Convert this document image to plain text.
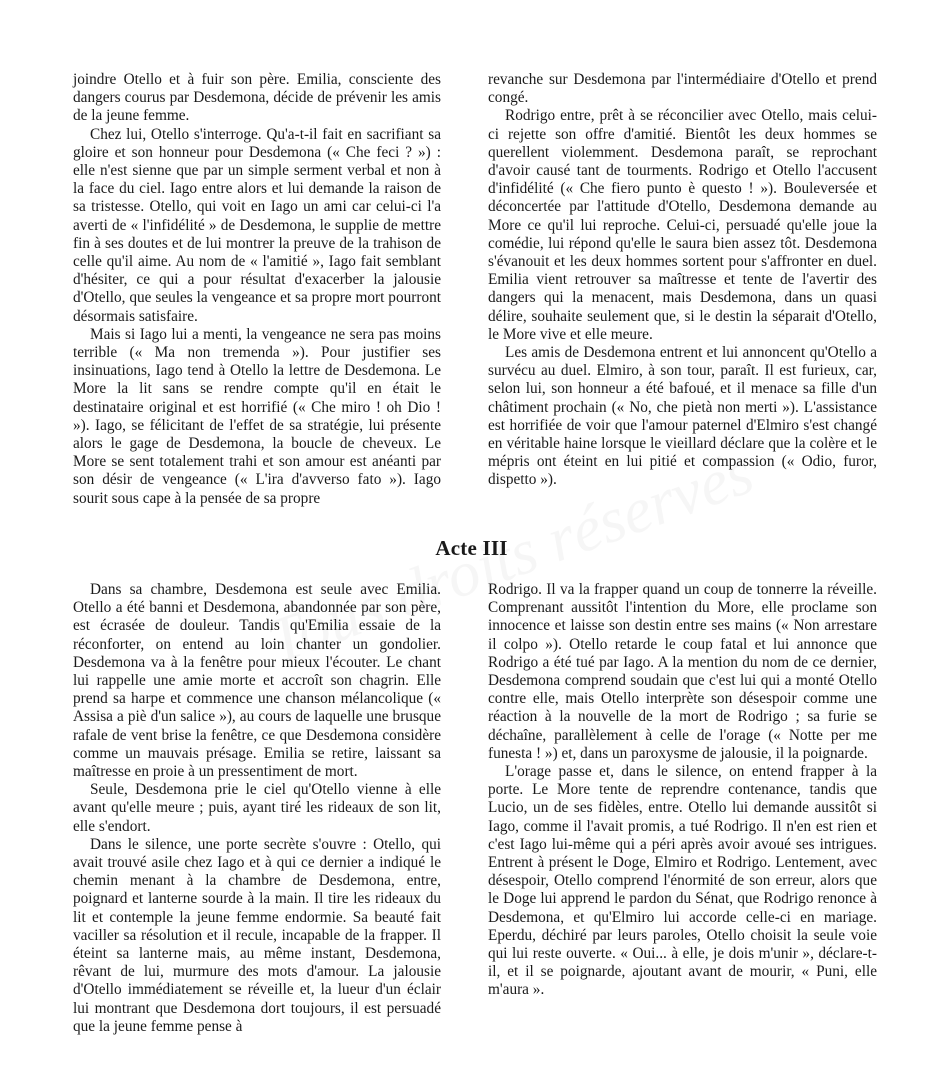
joindre Otello et à fuir son père. Emilia, consciente des dangers courus par Desdemona, décide de prévenir les amis de la jeune femme.

Chez lui, Otello s'interroge. Qu'a-t-il fait en sacrifiant sa gloire et son honneur pour Desdemona (« Che feci ? ») : elle n'est sienne que par un simple serment verbal et non à la face du ciel. Iago entre alors et lui demande la raison de sa tristesse. Otello, qui voit en Iago un ami car celui-ci l'a averti de « l'infidélité » de Desdemona, le supplie de mettre fin à ses doutes et de lui montrer la preuve de la trahison de celle qu'il aime. Au nom de « l'amitié », Iago fait semblant d'hésiter, ce qui a pour résultat d'exacerber la jalousie d'Otello, que seules la vengeance et sa propre mort pourront désormais satisfaire.

Mais si Iago lui a menti, la vengeance ne sera pas moins terrible (« Ma non tremenda »). Pour justifier ses insinuations, Iago tend à Otello la lettre de Desdemona. Le More la lit sans se rendre compte qu'il en était le destinataire original et est horrifié (« Che miro ! oh Dio ! »). Iago, se félicitant de l'effet de sa stratégie, lui présente alors le gage de Desdemona, la boucle de cheveux. Le More se sent totalement trahi et son amour est anéanti par son désir de vengeance (« L'ira d'avverso fato »). Iago sourit sous cape à la pensée de sa propre

revanche sur Desdemona par l'intermédiaire d'Otello et prend congé.

Rodrigo entre, prêt à se réconcilier avec Otello, mais celui-ci rejette son offre d'amitié. Bientôt les deux hommes se querellent violemment. Desdemona paraît, se reprochant d'avoir causé tant de tourments. Rodrigo et Otello l'accusent d'infidélité (« Che fiero punto è questo ! »). Bouleversée et déconcertée par l'attitude d'Otello, Desdemona demande au More ce qu'il lui reproche. Celui-ci, persuadé qu'elle joue la comédie, lui répond qu'elle le saura bien assez tôt. Desdemona s'évanouit et les deux hommes sortent pour s'affronter en duel. Emilia vient retrouver sa maîtresse et tente de l'avertir des dangers qui la menacent, mais Desdemona, dans un quasi délire, souhaite seulement que, si le destin la séparait d'Otello, le More vive et elle meure.

Les amis de Desdemona entrent et lui annoncent qu'Otello a survécu au duel. Elmiro, à son tour, paraît. Il est furieux, car, selon lui, son honneur a été bafoué, et il menace sa fille d'un châtiment prochain (« No, che pietà non merti »). L'assistance est horrifiée de voir que l'amour paternel d'Elmiro s'est changé en véritable haine lorsque le vieillard déclare que la colère et le mépris ont éteint en lui pitié et compassion (« Odio, furor, dispetto »).

Acte III

Dans sa chambre, Desdemona est seule avec Emilia. Otello a été banni et Desdemona, abandonnée par son père, est écrasée de douleur. Tandis qu'Emilia essaie de la réconforter, on entend au loin chanter un gondolier. Desdemona va à la fenêtre pour mieux l'écouter. Le chant lui rappelle une amie morte et accroît son chagrin. Elle prend sa harpe et commence une chanson mélancolique (« Assisa a piè d'un salice »), au cours de laquelle une brusque rafale de vent brise la fenêtre, ce que Desdemona considère comme un mauvais présage. Emilia se retire, laissant sa maîtresse en proie à un pressentiment de mort.

Seule, Desdemona prie le ciel qu'Otello vienne à elle avant qu'elle meure ; puis, ayant tiré les rideaux de son lit, elle s'endort.

Dans le silence, une porte secrète s'ouvre : Otello, qui avait trouvé asile chez Iago et à qui ce dernier a indiqué le chemin menant à la chambre de Desdemona, entre, poignard et lanterne sourde à la main. Il tire les rideaux du lit et contemple la jeune femme endormie. Sa beauté fait vaciller sa résolution et il recule, incapable de la frapper. Il éteint sa lanterne mais, au même instant, Desdemona, rêvant de lui, murmure des mots d'amour. La jalousie d'Otello immédiatement se réveille et, la lueur d'un éclair lui montrant que Desdemona dort toujours, il est persuadé que la jeune femme pense à

Rodrigo. Il va la frapper quand un coup de tonnerre la réveille. Comprenant aussitôt l'intention du More, elle proclame son innocence et laisse son destin entre ses mains (« Non arrestare il colpo »). Otello retarde le coup fatal et lui annonce que Rodrigo a été tué par Iago. A la mention du nom de ce dernier, Desdemona comprend soudain que c'est lui qui a monté Otello contre elle, mais Otello interprète son désespoir comme une réaction à la nouvelle de la mort de Rodrigo ; sa furie se déchaîne, parallèlement à celle de l'orage (« Notte per me funesta ! ») et, dans un paroxysme de jalousie, il la poignarde.

L'orage passe et, dans le silence, on entend frapper à la porte. Le More tente de reprendre contenance, tandis que Lucio, un de ses fidèles, entre. Otello lui demande aussitôt si Iago, comme il l'avait promis, a tué Rodrigo. Il n'en est rien et c'est Iago lui-même qui a péri après avoir avoué ses intrigues. Entrent à présent le Doge, Elmiro et Rodrigo. Lentement, avec désespoir, Otello comprend l'énormité de son erreur, alors que le Doge lui apprend le pardon du Sénat, que Rodrigo renonce à Desdemona, et qu'Elmiro lui accorde celle-ci en mariage. Eperdu, déchiré par leurs paroles, Otello choisit la seule voie qui lui reste ouverte. « Oui... à elle, je dois m'unir », déclare-t-il, et il se poignarde, ajoutant avant de mourir, « Puni, elle m'aura ».
